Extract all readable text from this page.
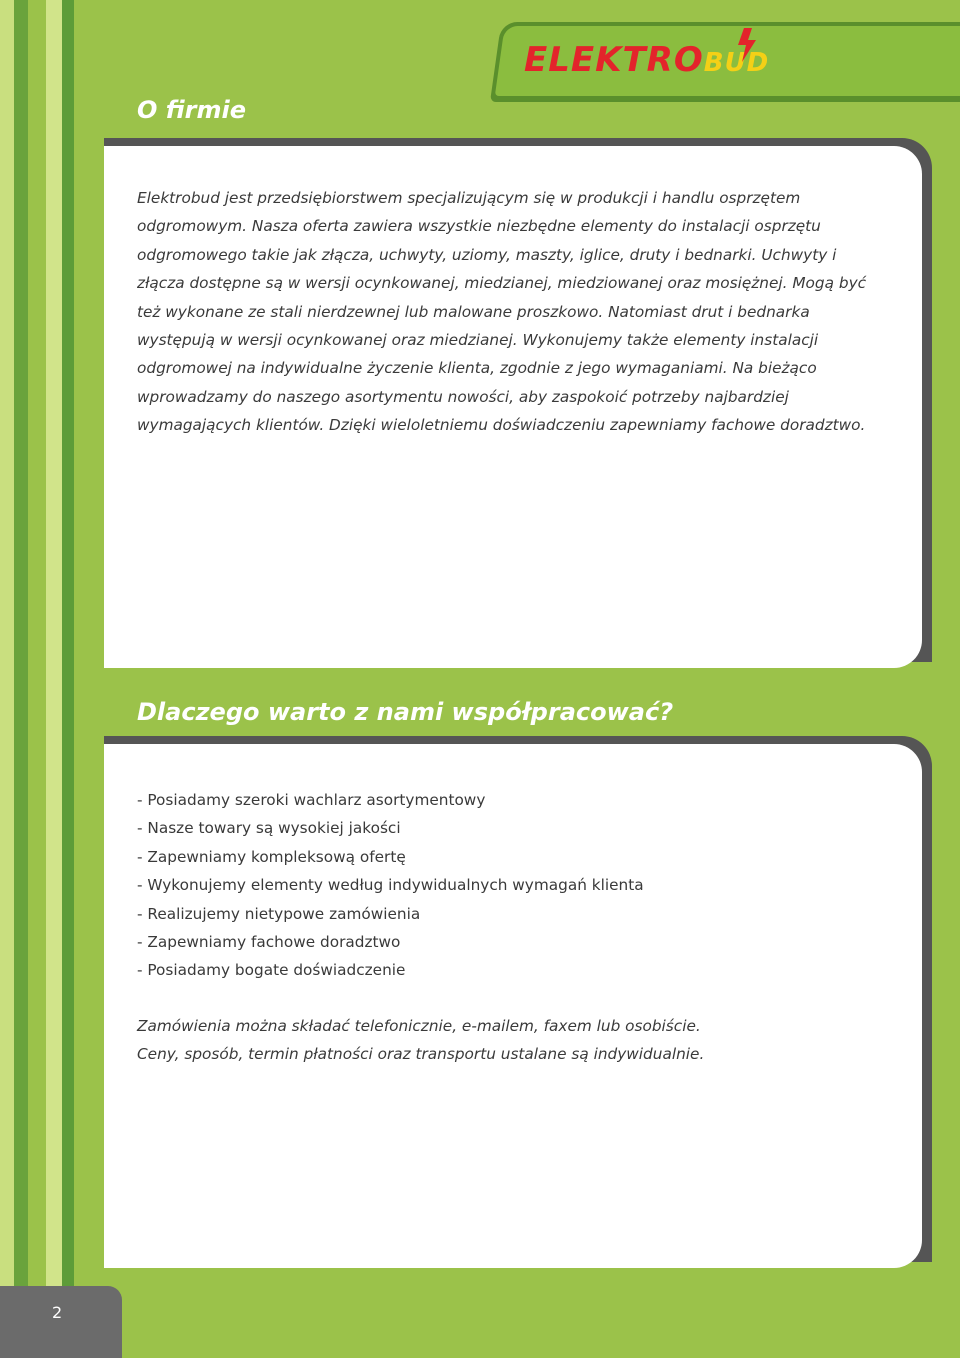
ELEKTROBUD
O firmie

Elektrobud jest przedsiębiorstwem specjalizującym się w produkcji i handlu osprzętem odgromowym. Nasza oferta zawiera wszystkie niezbędne elementy do instalacji osprzętu odgromowego takie jak złącza, uchwyty, uziomy, maszty, iglice, druty i bednarki. Uchwyty i złącza dostępne są w wersji ocynkowanej, miedzianej, miedziowanej oraz mosiężnej. Mogą być też wykonane ze stali nierdzewnej lub malowane proszkowo. Natomiast drut i bednarka występują w wersji ocynkowanej oraz miedzianej. Wykonujemy także elementy instalacji odgromowej na indywidualne życzenie klienta, zgodnie z jego wymaganiami. Na bieżąco wprowadzamy do naszego asortymentu nowości, aby zaspokoić potrzeby najbardziej wymagających klientów. Dzięki wieloletniemu doświadczeniu zapewniamy fachowe doradztwo.

Dlaczego warto z nami współpracować?
- Posiadamy szeroki wachlarz asortymentowy
- Nasze towary są wysokiej jakości
- Zapewniamy kompleksową ofertę
- Wykonujemy elementy według indywidualnych wymagań klienta
- Realizujemy nietypowe zamówienia
- Zapewniamy fachowe doradztwo
- Posiadamy bogate doświadczenie

Zamówienia można składać telefonicznie, e-mailem, faxem lub osobiście.
Ceny, sposób, termin płatności oraz transportu ustalane są indywidualnie.

2
